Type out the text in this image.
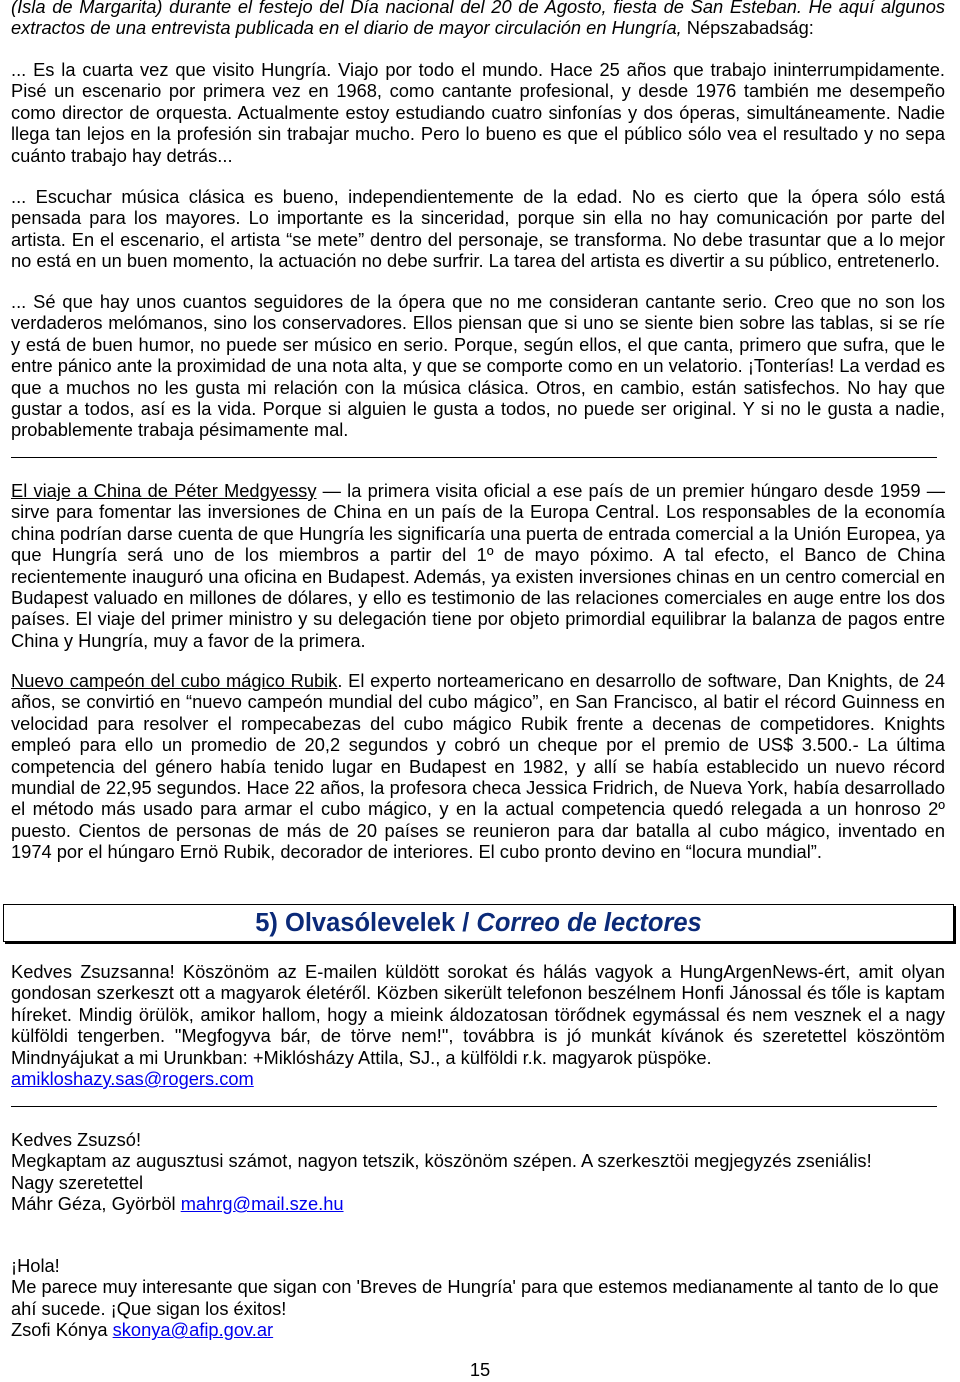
(Isla de Margarita) durante el festejo del Día nacional del 20 de Agosto, fiesta de San Esteban. He aquí algunos extractos de una entrevista publicada en el diario de mayor circulación en Hungría, Népszabadság:
... Es la cuarta vez que visito Hungría. Viajo por todo el mundo. Hace 25 años que trabajo ininterrumpidamente. Pisé un escenario por primera vez en 1968, como cantante profesional, y desde 1976 también me desempeño como director de orquesta. Actualmente estoy estudiando cuatro sinfonías y dos óperas, simultáneamente. Nadie llega tan lejos en la profesión sin trabajar mucho. Pero lo bueno es que el público sólo vea el resultado y no sepa cuánto trabajo hay detrás...
... Escuchar música clásica es bueno, independientemente de la edad. No es cierto que la ópera sólo está pensada para los mayores. Lo importante es la sinceridad, porque sin ella no hay comunicación por parte del artista. En el escenario, el artista “se mete” dentro del personaje, se transforma. No debe trasuntar que a lo mejor no está en un buen momento, la actuación no debe surfrir. La tarea del artista es divertir a su público, entretenerlo.
... Sé que hay unos cuantos seguidores de la ópera que no me consideran cantante serio. Creo que no son los verdaderos melómanos, sino los conservadores. Ellos piensan que si uno se siente bien sobre las tablas, si se ríe y está de buen humor, no puede ser músico en serio. Porque, según ellos, el que canta, primero que sufra, que le entre pánico ante la proximidad de una nota alta, y que se comporte como en un velatorio. ¡Tonterías! La verdad es que a muchos no les gusta mi relación con la música clásica. Otros, en cambio, están satisfechos. No hay que gustar a todos, así es la vida. Porque si alguien le gusta a todos, no puede ser original. Y si no le gusta a nadie, probablemente trabaja pésimamente mal.
El viaje a China de Péter Medgyessy — la primera visita oficial a ese país de un premier húngaro desde 1959 — sirve para fomentar las inversiones de China en un país de la Europa Central. Los responsables de la economía china podrían darse cuenta de que Hungría les significaría una puerta de entrada comercial a la Unión Europea, ya que Hungría será uno de los miembros a partir del 1º de mayo póximo. A tal efecto, el Banco de China recientemente inauguró una oficina en Budapest. Además, ya existen inversiones chinas en un centro comercial en Budapest valuado en millones de dólares, y ello es testimonio de las relaciones comerciales en auge entre los dos países. El viaje del primer ministro y su delegación tiene por objeto primordial equilibrar la balanza de pagos entre China y Hungría, muy a favor de la primera.
Nuevo campeón del cubo mágico Rubik. El experto norteamericano en desarrollo de software, Dan Knights, de 24 años, se convirtió en “nuevo campeón mundial del cubo mágico”, en San Francisco, al batir el récord Guinness en velocidad para resolver el rompecabezas del cubo mágico Rubik frente a decenas de competidores. Knights empleó para ello un promedio de 20,2 segundos y cobró un cheque por el premio de US$ 3.500.- La última competencia del género había tenido lugar en Budapest en 1982, y allí se había establecido un nuevo récord mundial de 22,95 segundos. Hace 22 años, la profesora checa Jessica Fridrich, de Nueva York, había desarrollado el método más usado para armar el cubo mágico, y en la actual competencia quedó relegada a un honroso 2º puesto. Cientos de personas de más de 20 países se reunieron para dar batalla al cubo mágico, inventado en 1974 por el húngaro Ernö Rubik, decorador de interiores. El cubo pronto devino en “locura mundial”.
5) Olvasólevelek / Correo de lectores
Kedves Zsuzsanna! Köszönöm az E-mailen küldött sorokat és hálás vagyok a HungArgenNews-ért, amit olyan gondosan szerkeszt ott a magyarok életéről. Közben sikerült telefonon beszélnem Honfi Jánossal és tőle is kaptam híreket. Mindig örülök, amikor hallom, hogy a mieink áldozatosan törődnek egymással és nem vesznek el a nagy külföldi tengerben. "Megfogyva bár, de törve nem!", továbbra is jó munkát kívánok és szeretettel köszöntöm Mindnyájukat a mi Urunkban: +Miklósházy Attila, SJ., a külföldi r.k. magyarok püspöke.
amikloshazy.sas@rogers.com
Kedves Zsuzsó!
Megkaptam az augusztusi számot, nagyon tetszik, köszönöm szépen. A szerkesztöi megjegyzés zseniális!
Nagy szeretettel
Máhr Géza, Györböl mahrg@mail.sze.hu
¡Hola!
Me parece muy interesante que sigan con 'Breves de Hungría' para que estemos medianamente al tanto de lo que ahí sucede. ¡Que sigan los éxitos!
Zsofi Kónya skonya@afip.gov.ar
15
